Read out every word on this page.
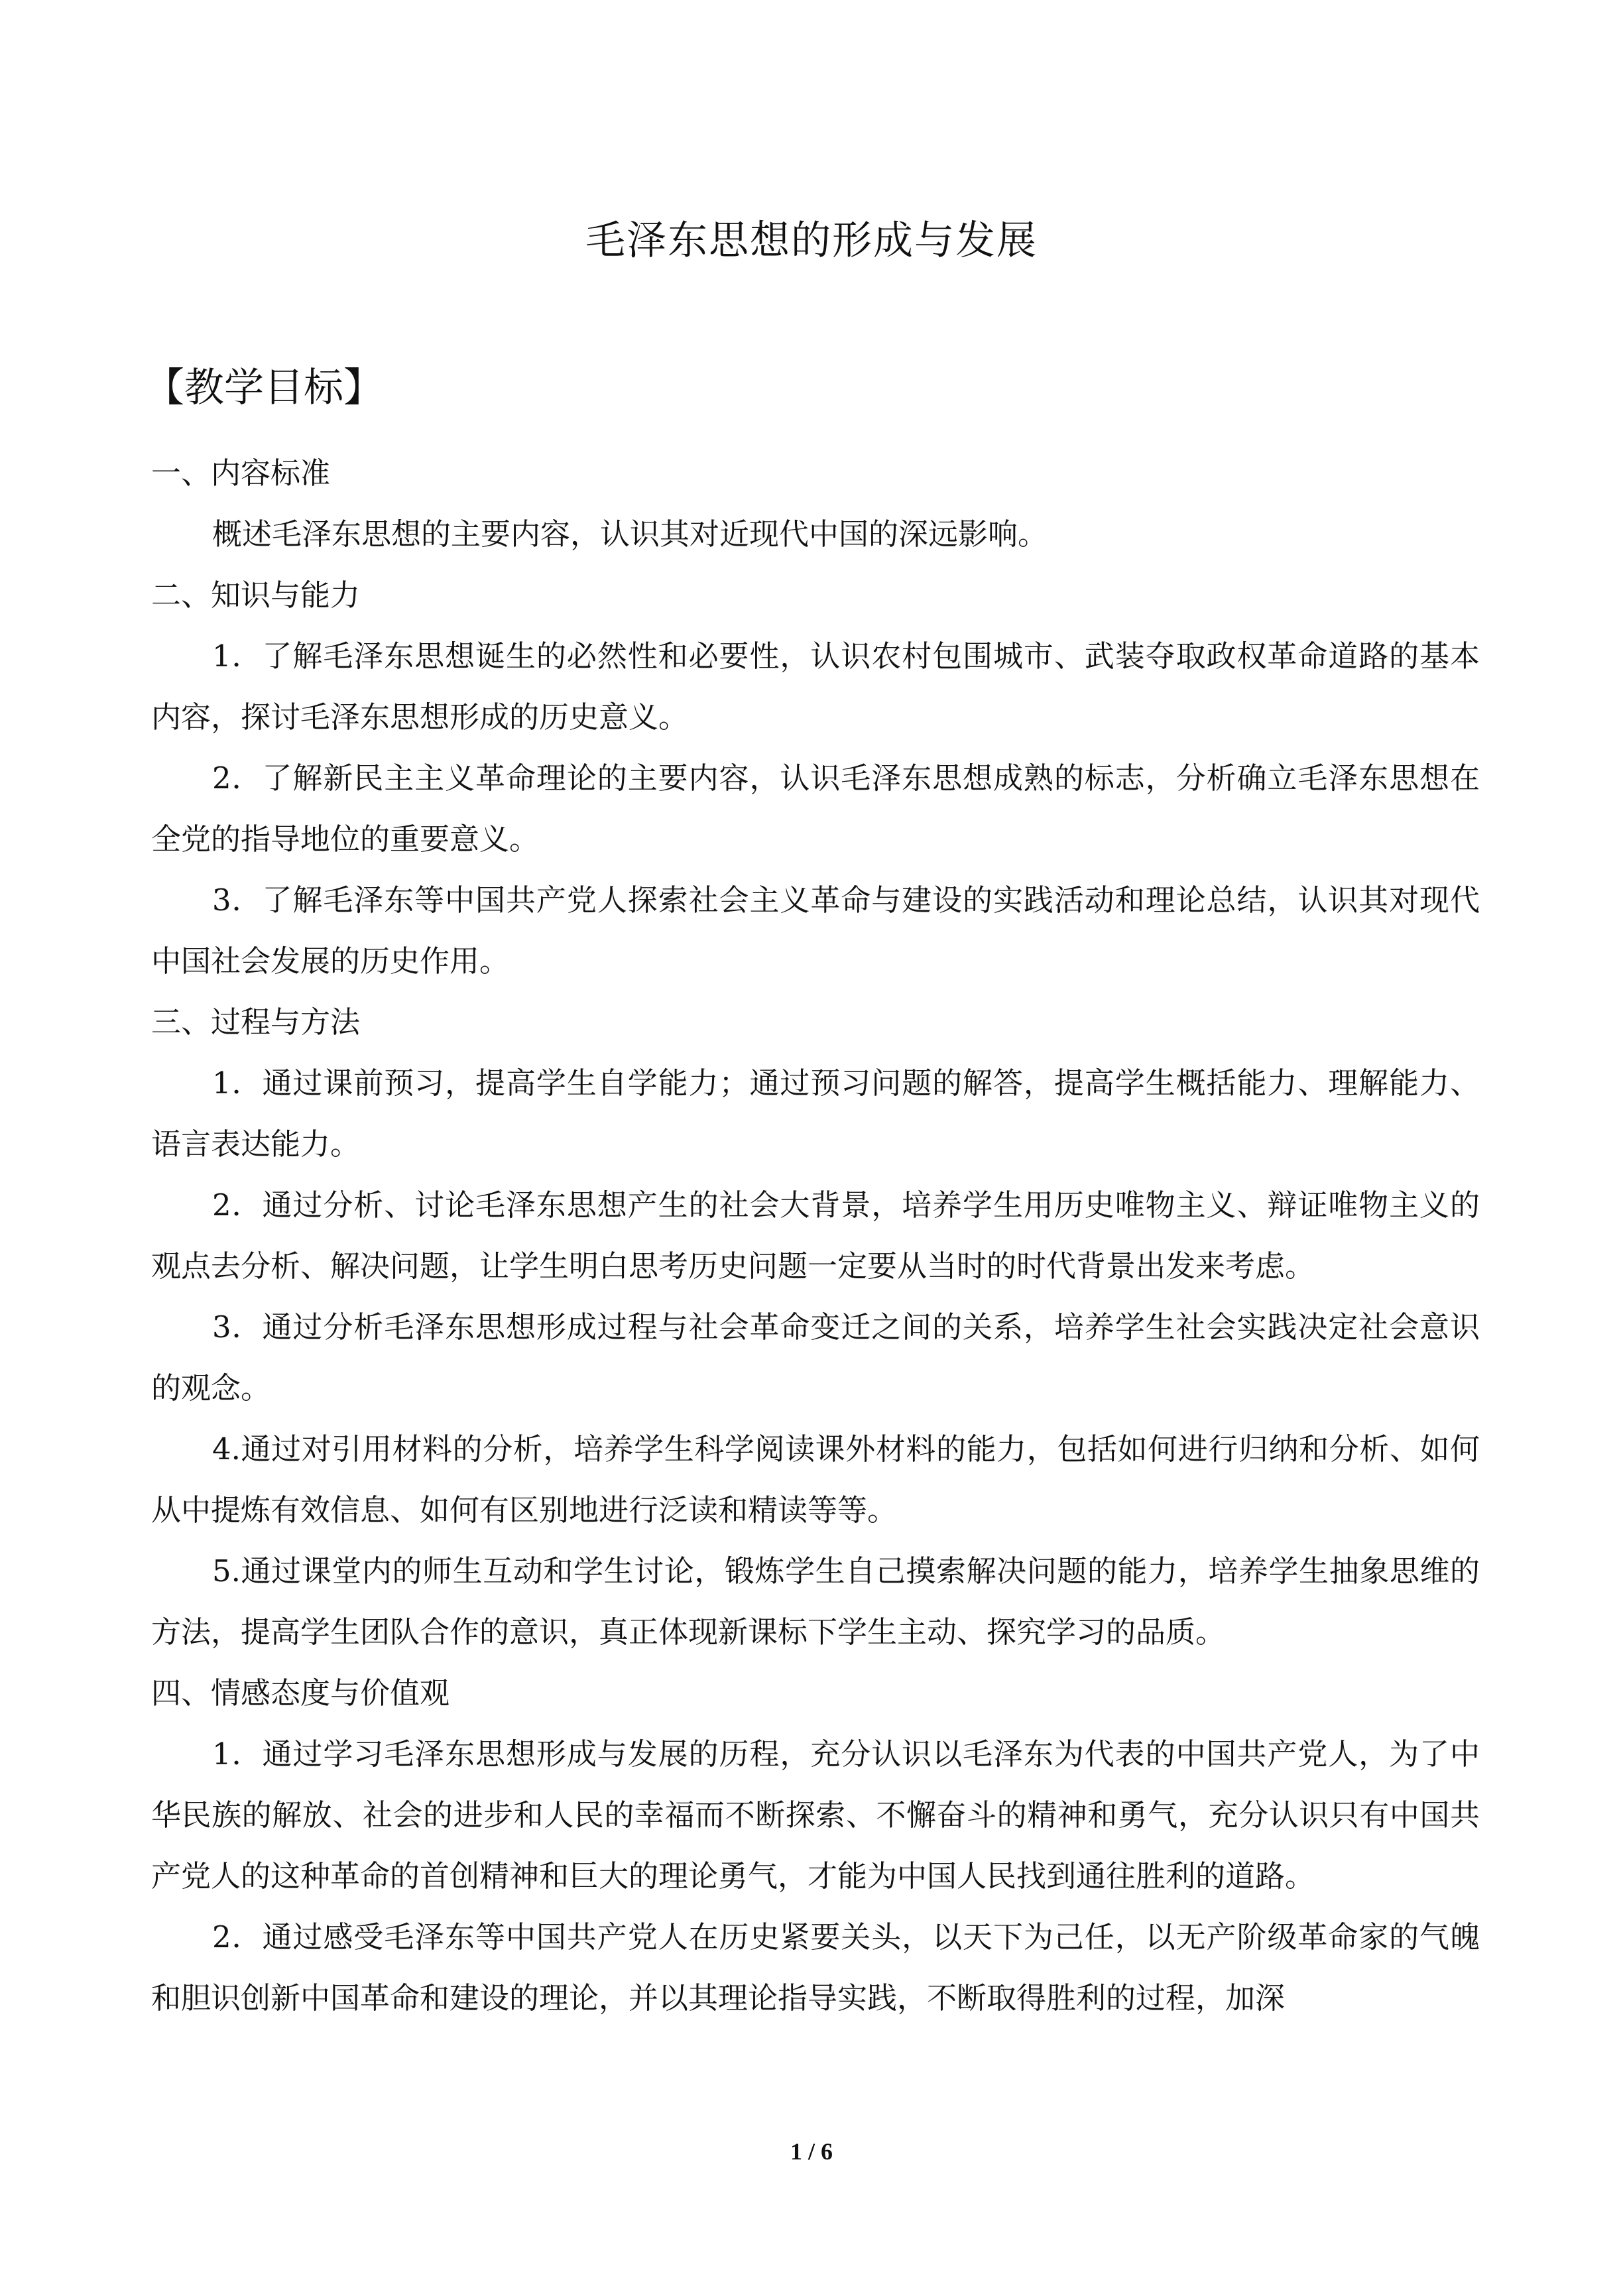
毛泽东思想的形成与发展
【教学目标】

一、内容标准

概述毛泽东思想的主要内容，认识其对近现代中国的深远影响。

二、知识与能力

1．了解毛泽东思想诞生的必然性和必要性，认识农村包围城市、武装夺取政权革命道路的基本内容，探讨毛泽东思想形成的历史意义。

2．了解新民主主义革命理论的主要内容，认识毛泽东思想成熟的标志，分析确立毛泽东思想在全党的指导地位的重要意义。

3．了解毛泽东等中国共产党人探索社会主义革命与建设的实践活动和理论总结，认识其对现代中国社会发展的历史作用。

三、过程与方法

1．通过课前预习，提高学生自学能力；通过预习问题的解答，提高学生概括能力、理解能力、语言表达能力。

2．通过分析、讨论毛泽东思想产生的社会大背景，培养学生用历史唯物主义、辩证唯物主义的观点去分析、解决问题，让学生明白思考历史问题一定要从当时的时代背景出发来考虑。

3．通过分析毛泽东思想形成过程与社会革命变迁之间的关系，培养学生社会实践决定社会意识的观念。

4.通过对引用材料的分析，培养学生科学阅读课外材料的能力，包括如何进行归纳和分析、如何从中提炼有效信息、如何有区别地进行泛读和精读等等。

5.通过课堂内的师生互动和学生讨论，锻炼学生自己摸索解决问题的能力，培养学生抽象思维的方法，提高学生团队合作的意识，真正体现新课标下学生主动、探究学习的品质。

四、情感态度与价值观

1．通过学习毛泽东思想形成与发展的历程，充分认识以毛泽东为代表的中国共产党人，为了中华民族的解放、社会的进步和人民的幸福而不断探索、不懈奋斗的精神和勇气，充分认识只有中国共产党人的这种革命的首创精神和巨大的理论勇气，才能为中国人民找到通往胜利的道路。

2．通过感受毛泽东等中国共产党人在历史紧要关头，以天下为己任，以无产阶级革命家的气魄和胆识创新中国革命和建设的理论，并以其理论指导实践，不断取得胜利的过程，加深

1 / 6
